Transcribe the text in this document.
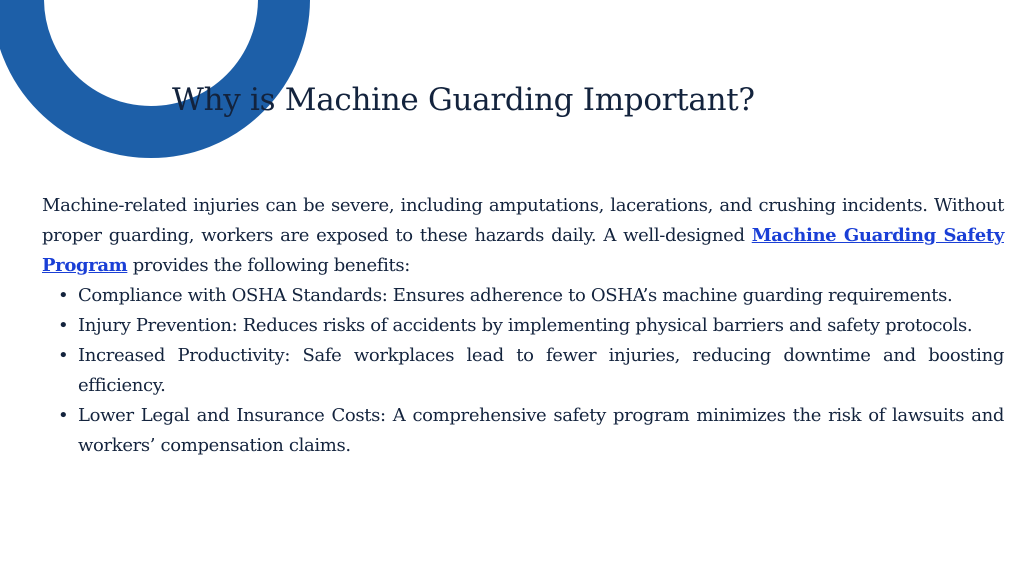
Why is Machine Guarding Important?

Machine-related injuries can be severe, including amputations, lacerations, and crushing incidents. Without proper guarding, workers are exposed to these hazards daily. A well-designed Machine Guarding Safety Program provides the following benefits:

• Compliance with OSHA Standards: Ensures adherence to OSHA’s machine guarding requirements.
• Injury Prevention: Reduces risks of accidents by implementing physical barriers and safety protocols.
• Increased Productivity: Safe workplaces lead to fewer injuries, reducing downtime and boosting efficiency.
• Lower Legal and Insurance Costs: A comprehensive safety program minimizes the risk of lawsuits and workers’ compensation claims.
